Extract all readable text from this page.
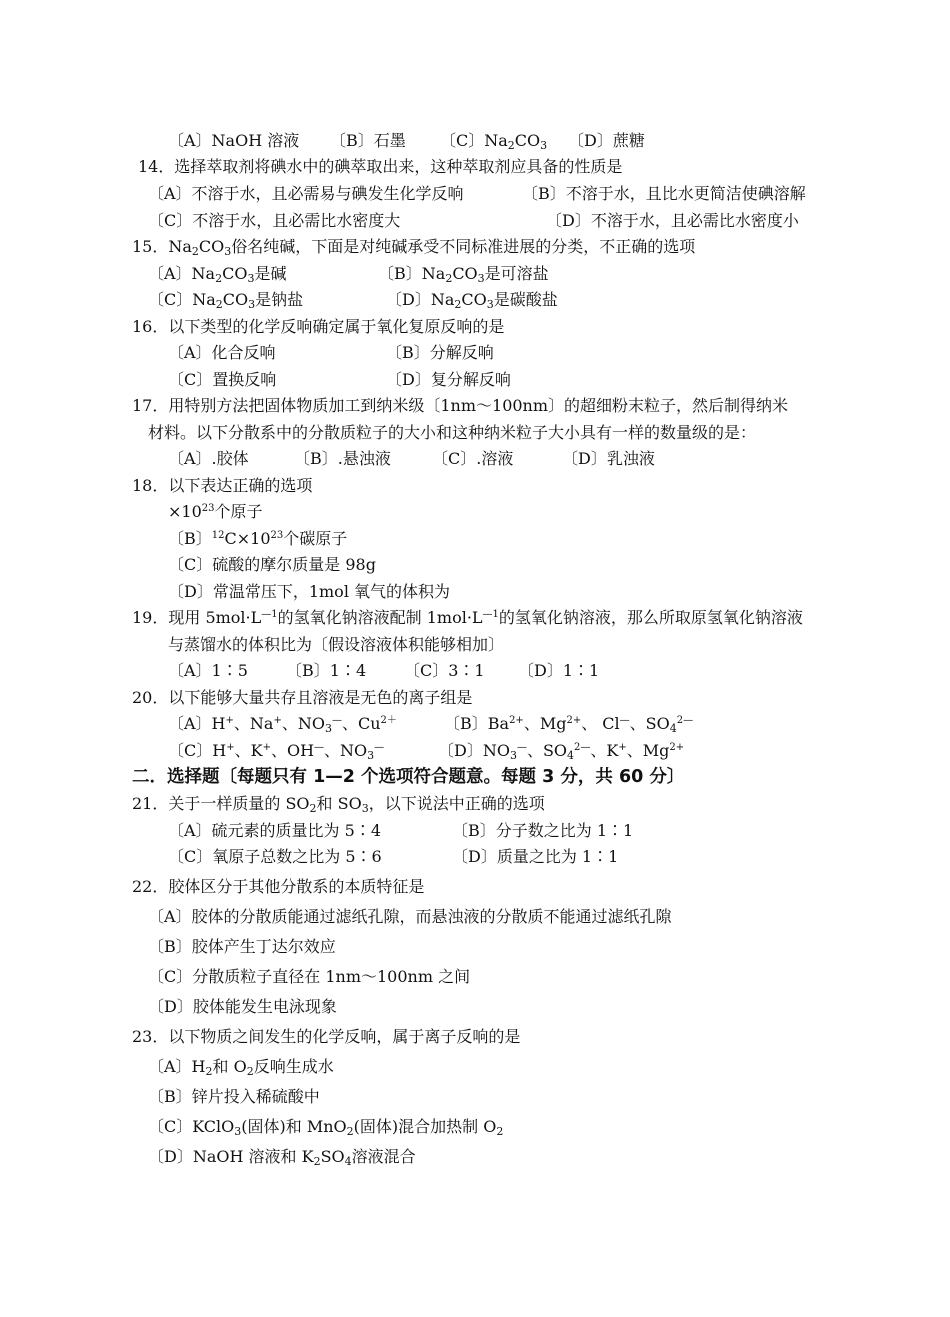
〔A〕NaOH 溶液 〔B〕石墨 〔C〕$Na_2CO_3$ 〔D〕蔗糖
14．选择萃取剂将碘水中的碘萃取出来，这种萃取剂应具备的性质是
〔A〕不溶于水，且必需易与碘发生化学反响	〔B〕不溶于水，且比水更简洁使碘溶解
〔C〕不溶于水，且必需比水密度大	〔D〕不溶于水，且必需比水密度小
15．$Na_2CO_3$俗名纯碱，下面是对纯碱承受不同标准进展的分类，不正确的选项
〔A〕$Na_2CO_3$是碱	〔B〕$Na_2CO_3$是可溶盐
〔C〕$Na_2CO_3$是钠盐	〔D〕$Na_2CO_3$是碳酸盐
16．以下类型的化学反响确定属于氧化复原反响的是
〔A〕化合反响	〔B〕分解反响
〔C〕置换反响	〔D〕复分解反响
17．用特别方法把固体物质加工到纳米级〔1nm～100nm〕的超细粉末粒子，然后制得纳米
材料。以下分散系中的分散质粒子的大小和这种纳米粒子大小具有一样的数量级的是：
〔A〕.胶体	〔B〕.悬浊液	〔C〕.溶液	〔D〕乳浊液
18．以下表达正确的选项
$\times 10^{23}$个原子
〔B〕$^{12}C\times 10^{23}$个碳原子
〔C〕硫酸的摩尔质量是 98g
〔D〕常温常压下，1mol 氧气的体积为
19．现用 $5mol\cdot L^{—1}$的氢氧化钠溶液配制 $1mol\cdot L^{—1}$的氢氧化钠溶液，那么所取原氢氧化钠溶液
与蒸馏水的体积比为〔假设溶液体积能够相加〕
〔A〕1∶5 〔B〕1∶4 〔C〕3∶1 〔D〕1∶1
20．以下能够大量共存且溶液是无色的离子组是
〔A〕H+、Na+、$NO_3^—$、$Cu^{2+}$	〔B〕$Ba^{2+}$、$Mg^{2+}$、 Cl—、$SO_4^{2—}$
〔C〕H+、K+、OH—、$NO_3^—$	〔D〕$NO_3^—$、$SO_4^{2—}$、K+、$Mg^{2+}$
二．选择题〔每题只有 1—2 个选项符合题意。每题 3 分，共 60 分〕
21．关于一样质量的 $SO_2$和 $SO_3$，以下说法中正确的选项
〔A〕硫元素的质量比为 5∶4	〔B〕分子数之比为 1∶1
〔C〕氧原子总数之比为 5∶6	〔D〕质量之比为 1∶1
22．胶体区分于其他分散系的本质特征是
〔A〕胶体的分散质能通过滤纸孔隙，而悬浊液的分散质不能通过滤纸孔隙
〔B〕胶体产生丁达尔效应
〔C〕分散质粒子直径在 1nm～100nm 之间
〔D〕胶体能发生电泳现象
23．以下物质之间发生的化学反响，属于离子反响的是
〔A〕$H_2$和 $O_2$反响生成水
〔B〕锌片投入稀硫酸中
〔C〕KClO$_3$(固体)和 MnO$_2$(固体)混合加热制 $O_2$
〔D〕NaOH 溶液和 $K_2SO_4$溶液混合
